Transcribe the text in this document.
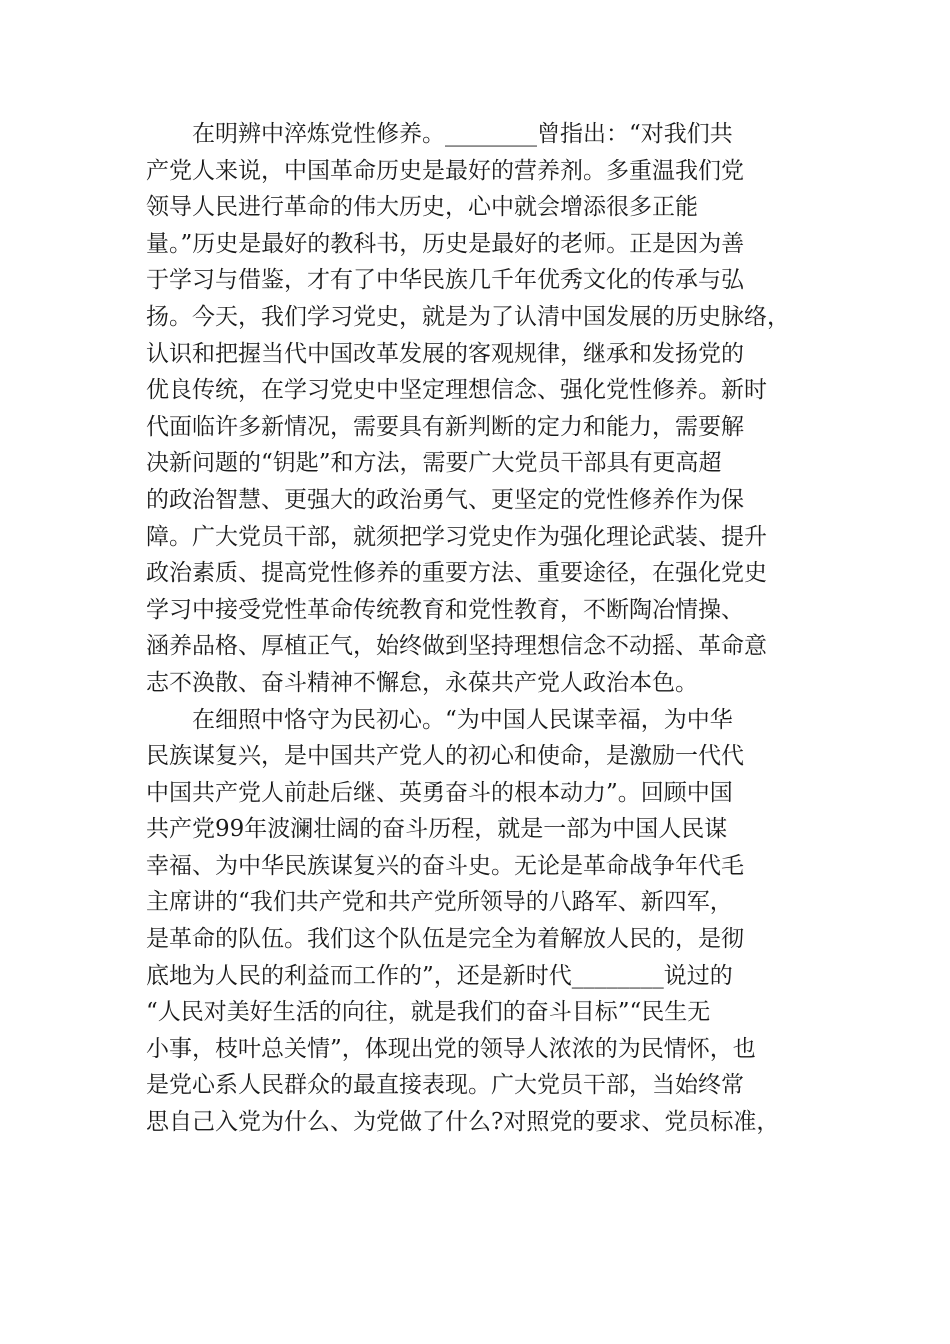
在明辨中淬炼党性修养。________曾指出：“对我们共
产党人来说，中国革命历史是最好的营养剂。多重温我们党
领导人民进行革命的伟大历史，心中就会增添很多正能
量。”历史是最好的教科书，历史是最好的老师。正是因为善
于学习与借鉴，才有了中华民族几千年优秀文化的传承与弘
扬。今天，我们学习党史，就是为了认清中国发展的历史脉络，
认识和把握当代中国改革发展的客观规律，继承和发扬党的
优良传统，在学习党史中坚定理想信念、强化党性修养。新时
代面临许多新情况，需要具有新判断的定力和能力，需要解
决新问题的“钥匙”和方法，需要广大党员干部具有更高超
的政治智慧、更强大的政治勇气、更坚定的党性修养作为保
障。广大党员干部，就须把学习党史作为强化理论武装、提升
政治素质、提高党性修养的重要方法、重要途径，在强化党史
学习中接受党性革命传统教育和党性教育，不断陶冶情操、
涵养品格、厚植正气，始终做到坚持理想信念不动摇、革命意
志不涣散、奋斗精神不懈怠，永葆共产党人政治本色。
在细照中恪守为民初心。“为中国人民谋幸福，为中华
民族谋复兴，是中国共产党人的初心和使命，是激励一代代
中国共产党人前赴后继、英勇奋斗的根本动力”。回顾中国
共产党99年波澜壮阔的奋斗历程，就是一部为中国人民谋
幸福、为中华民族谋复兴的奋斗史。无论是革命战争年代毛
主席讲的“我们共产党和共产党所领导的八路军、新四军，
是革命的队伍。我们这个队伍是完全为着解放人民的，是彻
底地为人民的利益而工作的”，还是新时代________说过的
“人民对美好生活的向往，就是我们的奋斗目标”“民生无
小事，枝叶总关情”，体现出党的领导人浓浓的为民情怀，也
是党心系人民群众的最直接表现。广大党员干部，当始终常
思自己入党为什么、为党做了什么?对照党的要求、党员标准，
